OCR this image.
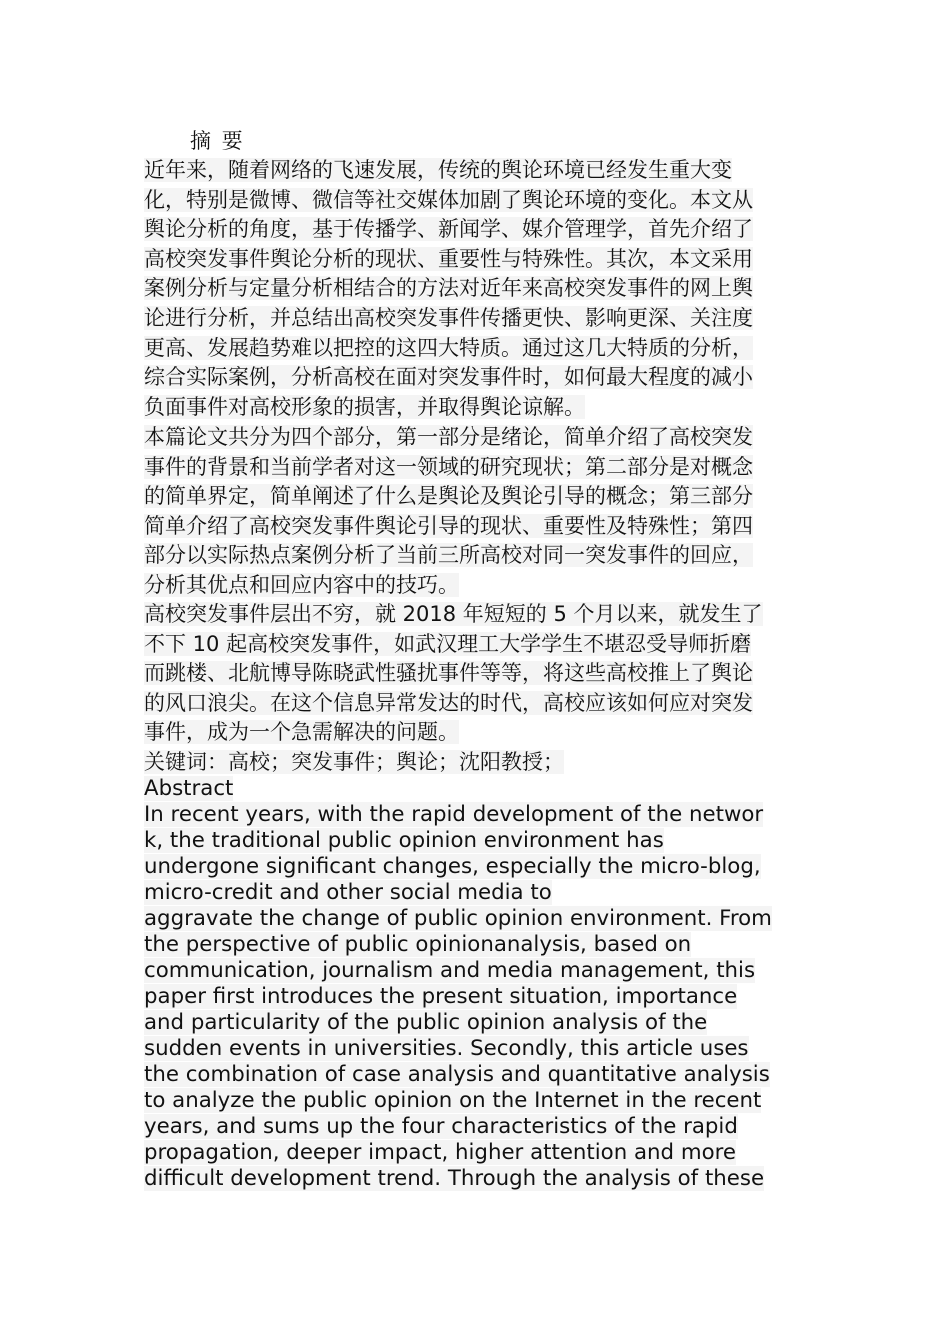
摘 要
近年来，随着网络的飞速发展，传统的舆论环境已经发生重大变
化，特别是微博、微信等社交媒体加剧了舆论环境的变化。本文从
舆论分析的角度，基于传播学、新闻学、媒介管理学，首先介绍了
高校突发事件舆论分析的现状、重要性与特殊性。其次，本文采用
案例分析与定量分析相结合的方法对近年来高校突发事件的网上舆
论进行分析，并总结出高校突发事件传播更快、影响更深、关注度
更高、发展趋势难以把控的这四大特质。通过这几大特质的分析，
综合实际案例，分析高校在面对突发事件时，如何最大程度的减小
负面事件对高校形象的损害，并取得舆论谅解。
本篇论文共分为四个部分，第一部分是绪论，简单介绍了高校突发
事件的背景和当前学者对这一领域的研究现状；第二部分是对概念
的简单界定，简单阐述了什么是舆论及舆论引导的概念；第三部分
简单介绍了高校突发事件舆论引导的现状、重要性及特殊性；第四
部分以实际热点案例分析了当前三所高校对同一突发事件的回应，
分析其优点和回应内容中的技巧。
高校突发事件层出不穷，就 2018 年短短的 5 个月以来，就发生了
不下 10 起高校突发事件，如武汉理工大学学生不堪忍受导师折磨
而跳楼、北航博导陈晓武性骚扰事件等等，将这些高校推上了舆论
的风口浪尖。在这个信息异常发达的时代，高校应该如何应对突发
事件，成为一个急需解决的问题。
关键词：高校；突发事件；舆论；沈阳教授；
Abstract
In recent years, with the rapid development of the networ
k, the traditional public opinion environment has
undergone significant changes, especially the micro-blog,
micro-credit and other social media to
aggravate the change of public opinion environment. From
the perspective of public opinionanalysis, based on
communication, journalism and media management, this
paper first introduces the present situation, importance
and particularity of the public opinion analysis of the
sudden events in universities. Secondly, this article uses
the combination of case analysis and quantitative analysis
to analyze the public opinion on the Internet in the recent
years, and sums up the four characteristics of the rapid
propagation, deeper impact, higher attention and more
difficult development trend. Through the analysis of these
